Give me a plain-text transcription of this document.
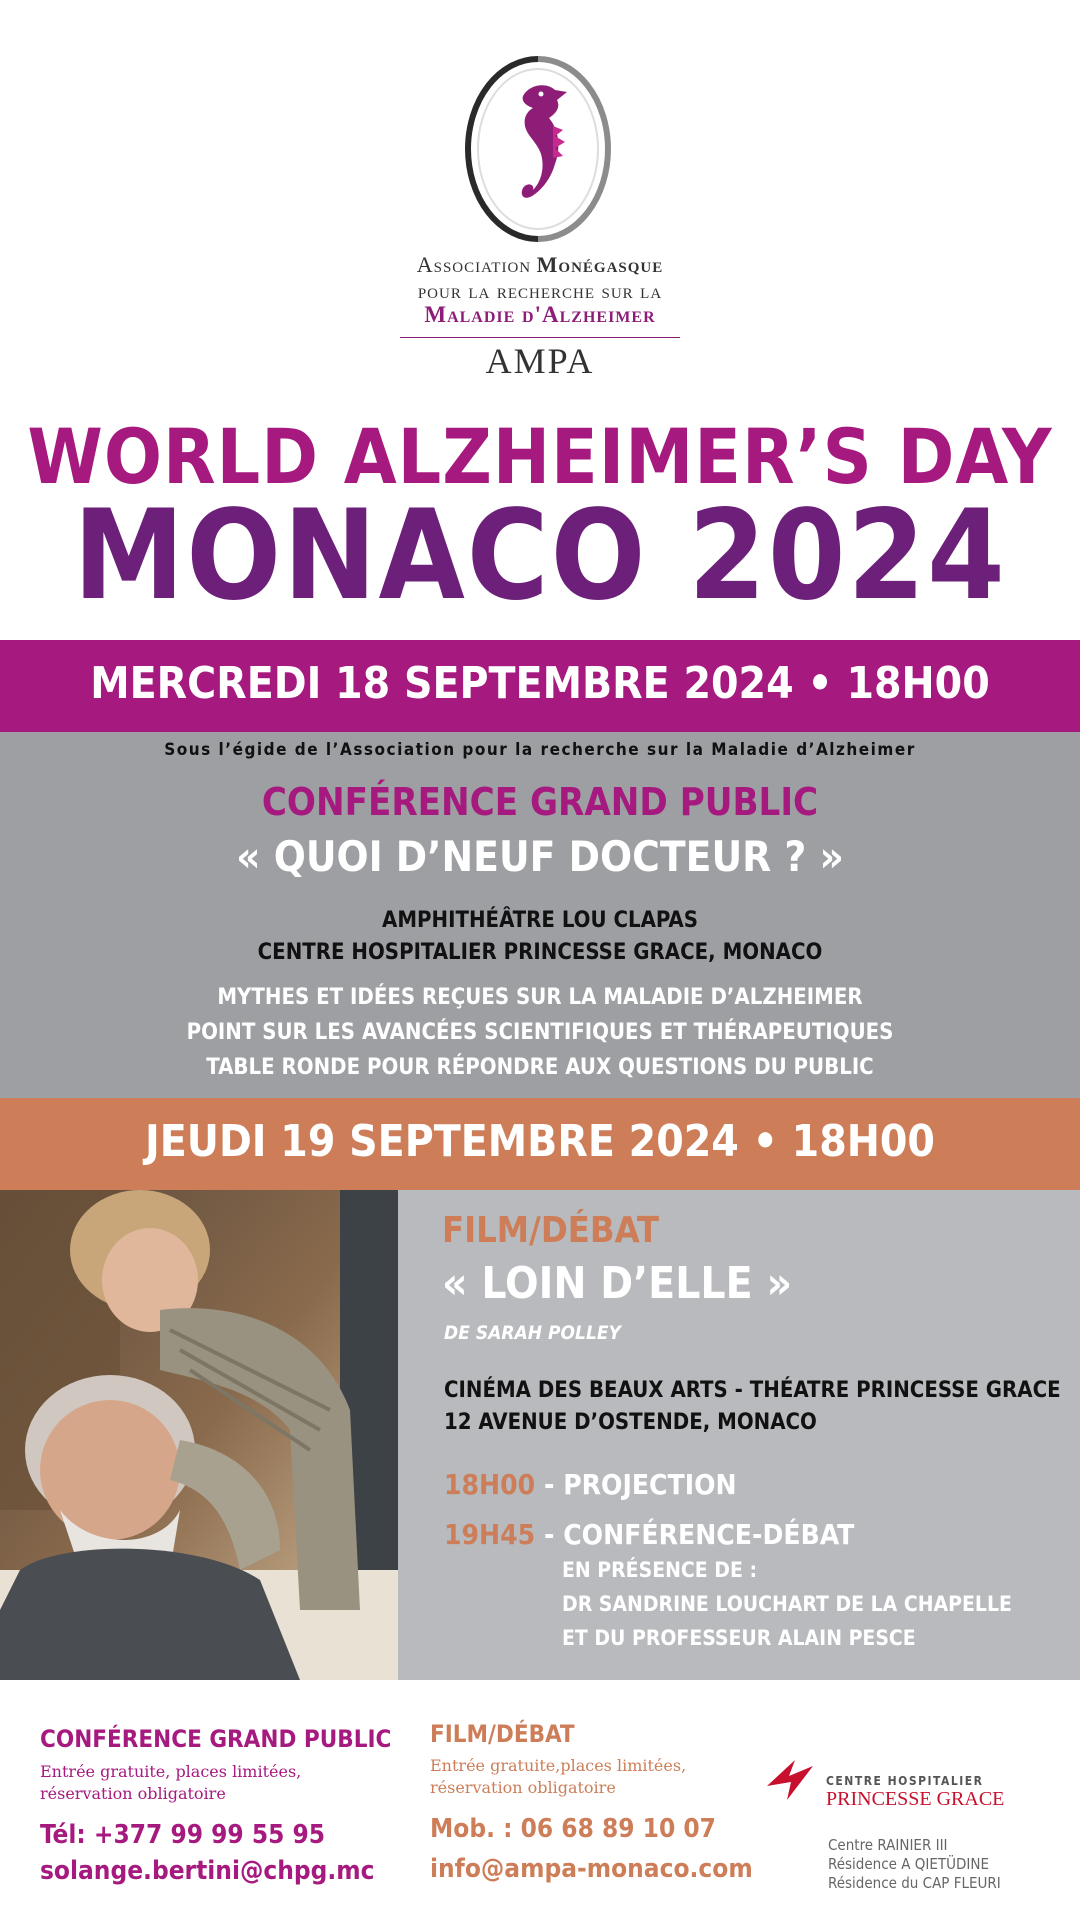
Association Monégasque
pour la recherche sur la
Maladie d'Alzheimer
AMPA
WORLD ALZHEIMER’S DAY
MONACO 2024
MERCREDI 18 SEPTEMBRE 2024 • 18H00
Sous l’égide de l’Association pour la recherche sur la Maladie d’Alzheimer
CONFÉRENCE GRAND PUBLIC
« QUOI D’NEUF DOCTEUR ? »
AMPHITHÉÂTRE LOU CLAPAS
CENTRE HOSPITALIER PRINCESSE GRACE, MONACO
MYTHES ET IDÉES REÇUES SUR LA MALADIE D’ALZHEIMER
POINT SUR LES AVANCÉES SCIENTIFIQUES ET THÉRAPEUTIQUES
TABLE RONDE POUR RÉPONDRE AUX QUESTIONS DU PUBLIC
JEUDI 19 SEPTEMBRE 2024 • 18H00
FILM/DÉBAT
« LOIN D’ELLE »
DE SARAH POLLEY
CINÉMA DES BEAUX ARTS - THÉATRE PRINCESSE GRACE
12 AVENUE D’OSTENDE, MONACO
18H00 - PROJECTION
19H45 - CONFÉRENCE-DÉBAT
EN PRÉSENCE DE :
DR SANDRINE LOUCHART DE LA CHAPELLE
ET DU PROFESSEUR ALAIN PESCE
CONFÉRENCE GRAND PUBLIC
Entrée gratuite, places limitées,
réservation obligatoire
Tél: +377 99 99 55 95
solange.bertini@chpg.mc
FILM/DÉBAT
Entrée gratuite,places limitées,
réservation obligatoire
Mob. : 06 68 89 10 07
info@ampa-monaco.com
CENTRE HOSPITALIER
PRINCESSE GRACE
Centre RAINIER III
Résidence A QIETÜDINE
Résidence du CAP FLEURI
